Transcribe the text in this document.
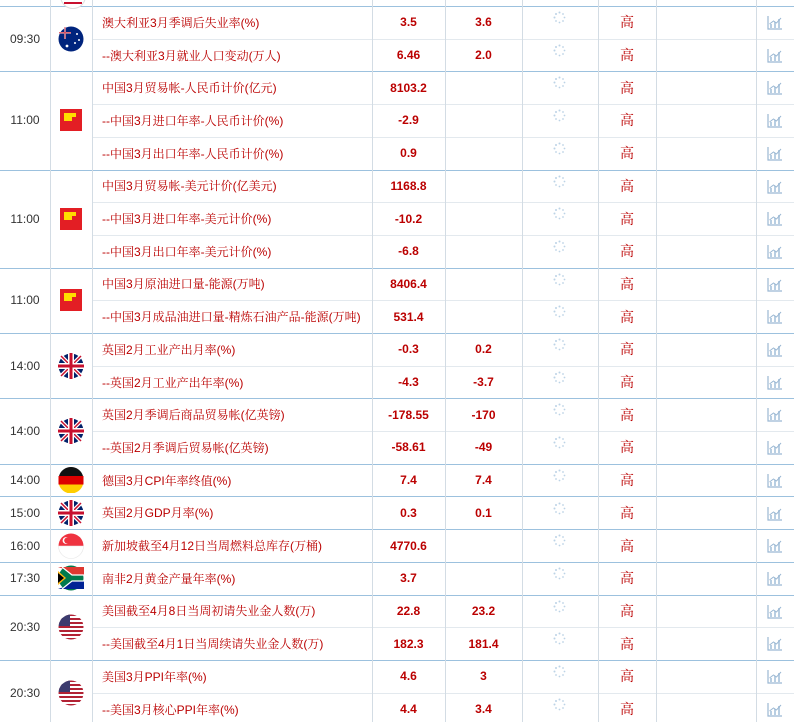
09:30
澳大利亚3月季调后失业率(%)	3.5	3.6	高
--澳大利亚3月就业人口变动(万人)	6.46	2.0	高
11:00
中国3月贸易帐-人民币计价(亿元)	8103.2	高
--中国3月进口年率-人民币计价(%)	-2.9	高
--中国3月出口年率-人民币计价(%)	0.9	高
11:00
中国3月贸易帐-美元计价(亿美元)	1168.8	高
--中国3月进口年率-美元计价(%)	-10.2	高
--中国3月出口年率-美元计价(%)	-6.8	高
11:00
中国3月原油进口量-能源(万吨)	8406.4	高
--中国3月成品油进口量-精炼石油产品-能源(万吨)	531.4	高
14:00
英国2月工业产出月率(%)	-0.3	0.2	高
--英国2月工业产出年率(%)	-4.3	-3.7	高
14:00
英国2月季调后商品贸易帐(亿英镑)	-178.55	-170	高
--英国2月季调后贸易帐(亿英镑)	-58.61	-49	高
14:00	德国3月CPI年率终值(%)	7.4	7.4	高
15:00	英国2月GDP月率(%)	0.3	0.1	高
16:00	新加坡截至4月12日当周燃料总库存(万桶)	4770.6	高
17:30	南非2月黄金产量年率(%)	3.7	高
20:30
美国截至4月8日当周初请失业金人数(万)	22.8	23.2	高
--美国截至4月1日当周续请失业金人数(万)	182.3	181.4	高
20:30
美国3月PPI年率(%)	4.6	3	高
--美国3月核心PPI年率(%)	4.4	3.4	高
